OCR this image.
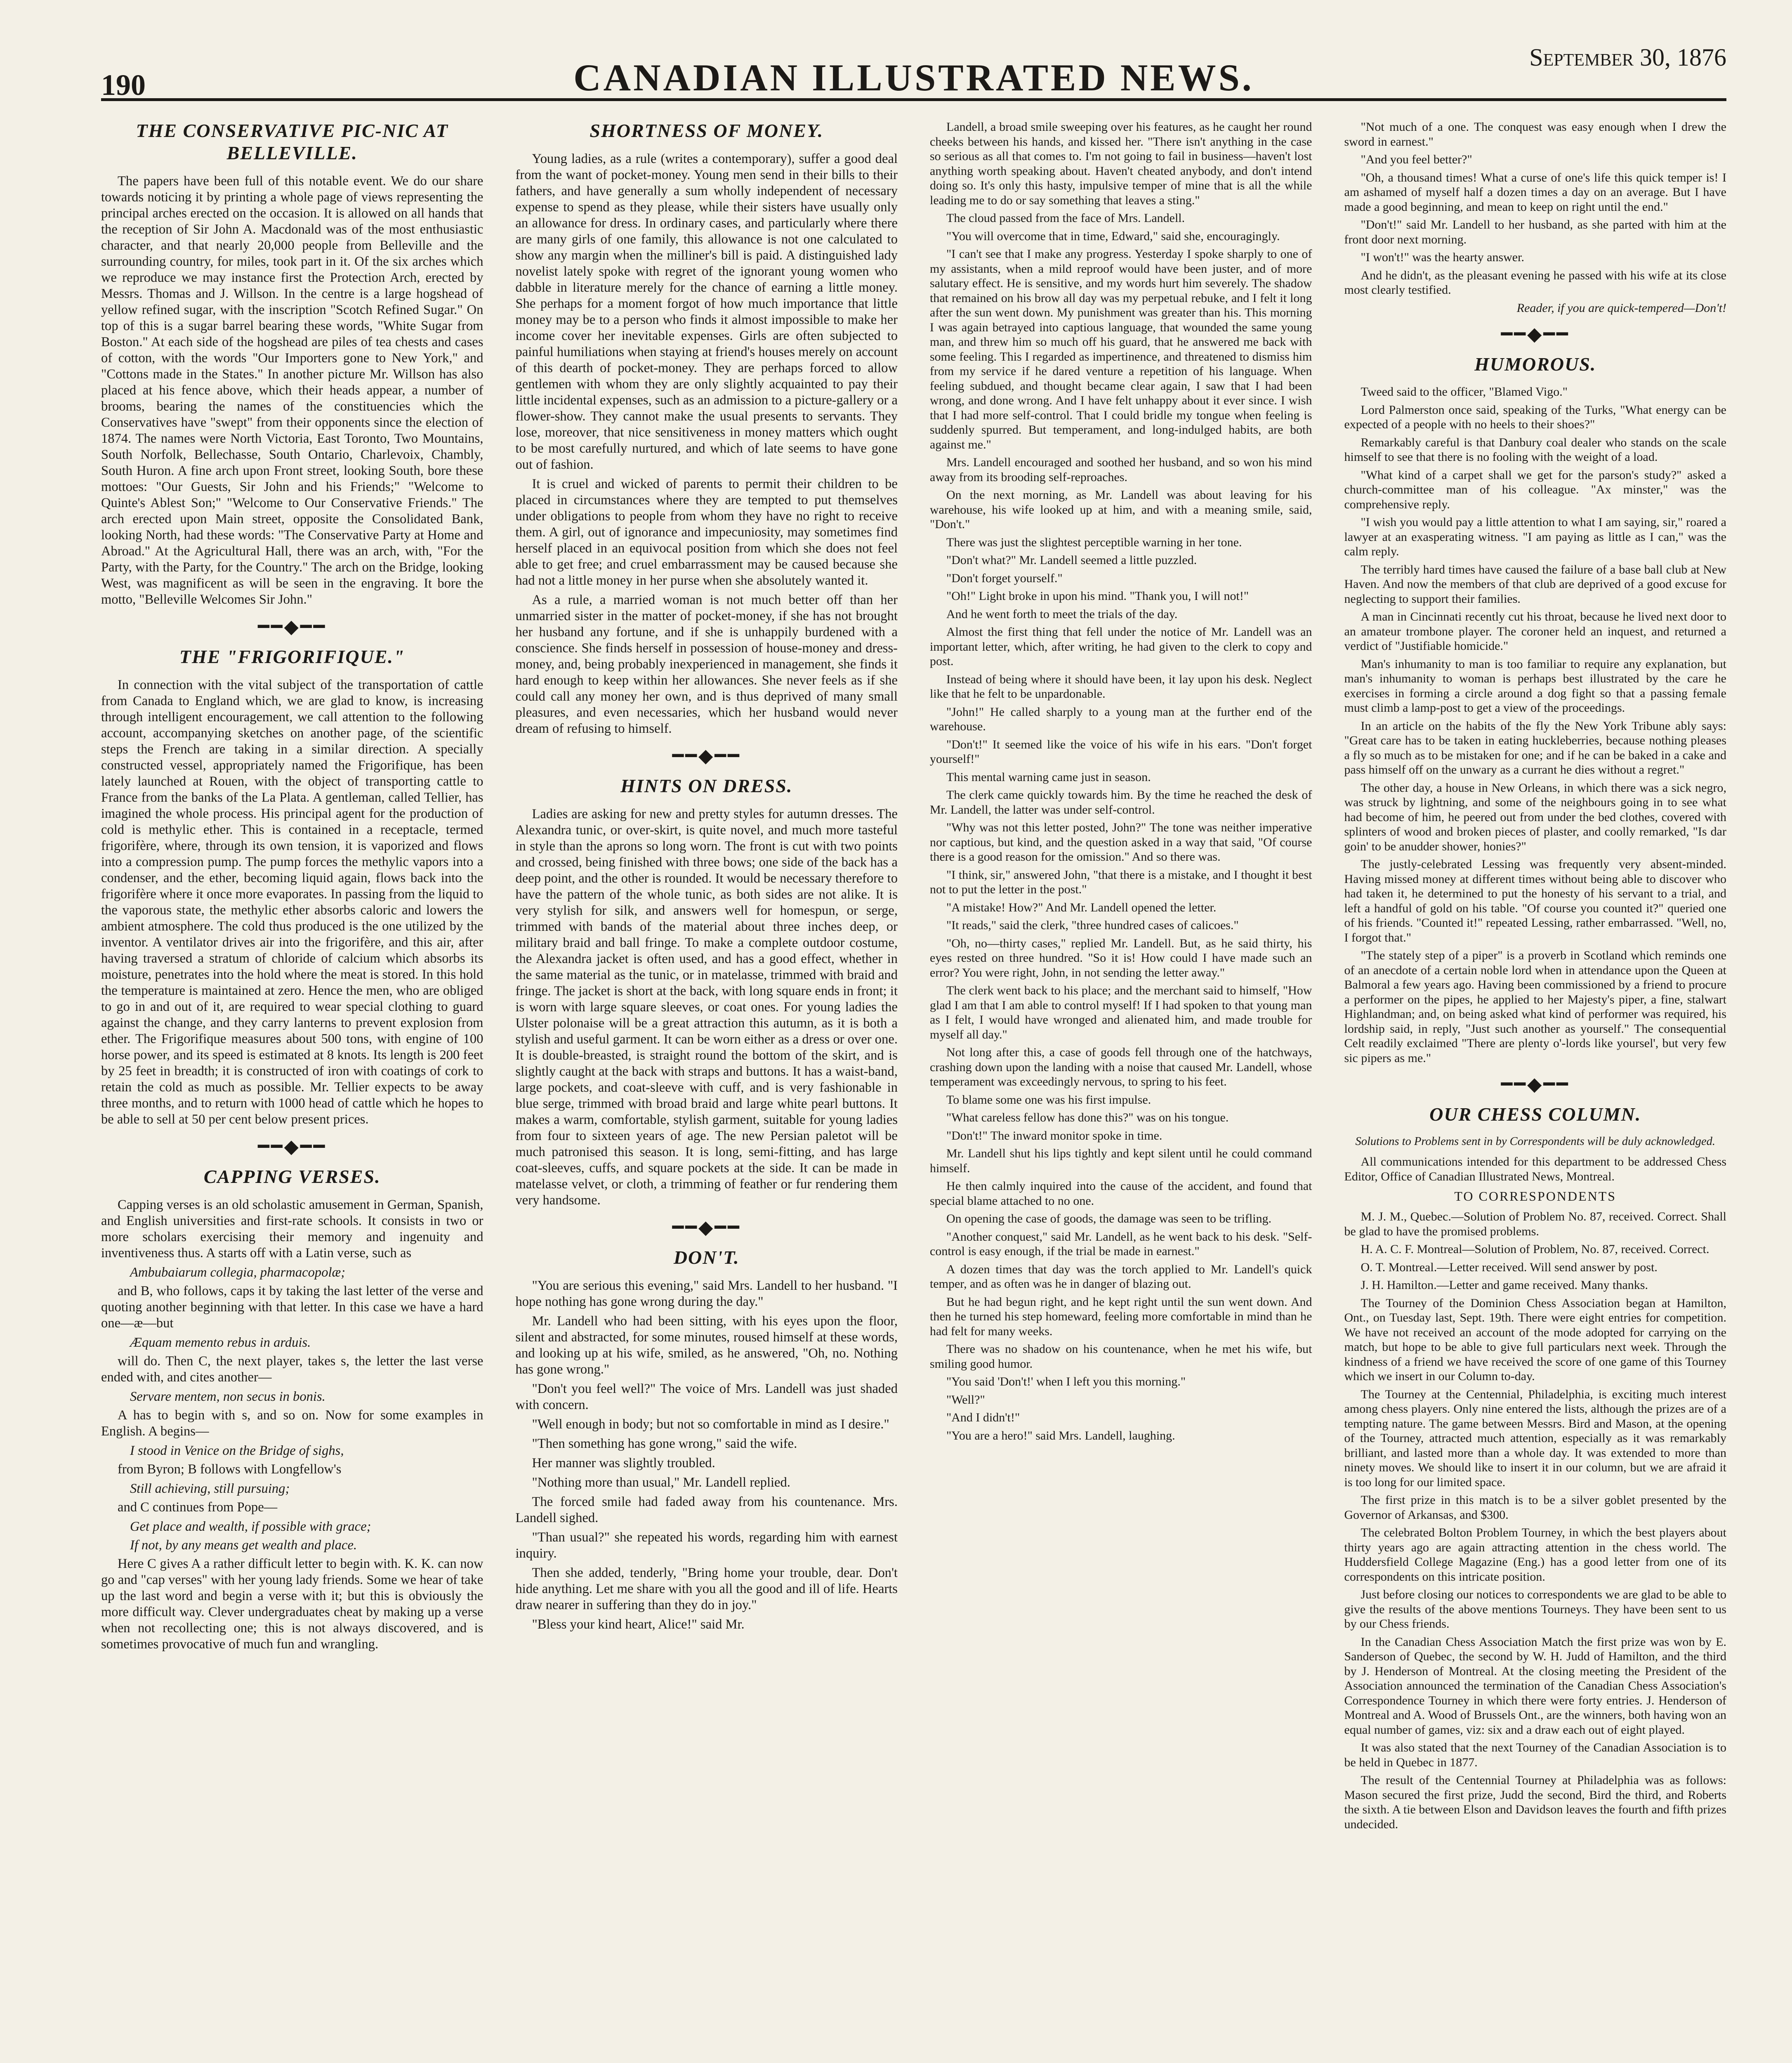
190	CANADIAN ILLUSTRATED NEWS.	September 30, 1876
THE CONSERVATIVE PIC-NIC AT BELLEVILLE.

The papers have been full of this notable event. We do our share towards noticing it by printing a whole page of views representing the principal arches erected on the occasion. It is allowed on all hands that the reception of Sir John A. Macdonald was of the most enthusiastic character, and that nearly 20,000 people from Belleville and the surrounding country, for miles, took part in it. Of the six arches which we reproduce we may instance first the Protection Arch, erected by Messrs. Thomas and J. Willson. In the centre is a large hogshead of yellow refined sugar, with the inscription "Scotch Refined Sugar." On top of this is a sugar barrel bearing these words, "White Sugar from Boston." At each side of the hogshead are piles of tea chests and cases of cotton, with the words "Our Importers gone to New York," and "Cottons made in the States." In another picture Mr. Willson has also placed at his fence above, which their heads appear, a number of brooms, bearing the names of the constituencies which the Conservatives have "swept" from their opponents since the election of 1874. The names were North Victoria, East Toronto, Two Mountains, South Norfolk, Bellechasse, South Ontario, Charlevoix, Chambly, South Huron. A fine arch upon Front street, looking South, bore these mottoes: "Our Guests, Sir John and his Friends;" "Welcome to Quinte's Ablest Son;" "Welcome to Our Conservative Friends." The arch erected upon Main street, opposite the Consolidated Bank, looking North, had these words: "The Conservative Party at Home and Abroad." At the Agricultural Hall, there was an arch, with, "For the Party, with the Party, for the Country." The arch on the Bridge, looking West, was magnificent as will be seen in the engraving. It bore the motto, "Belleville Welcomes Sir John."

━━◆━━
THE "FRIGORIFIQUE."

In connection with the vital subject of the transportation of cattle from Canada to England which, we are glad to know, is increasing through intelligent encouragement, we call attention to the following account, accompanying sketches on another page, of the scientific steps the French are taking in a similar direction. A specially constructed vessel, appropriately named the Frigorifique, has been lately launched at Rouen, with the object of transporting cattle to France from the banks of the La Plata. A gentleman, called Tellier, has imagined the whole process. His principal agent for the production of cold is methylic ether. This is contained in a receptacle, termed frigorifère, where, through its own tension, it is vaporized and flows into a compression pump. The pump forces the methylic vapors into a condenser, and the ether, becoming liquid again, flows back into the frigorifère where it once more evaporates. In passing from the liquid to the vaporous state, the methylic ether absorbs caloric and lowers the ambient atmosphere. The cold thus produced is the one utilized by the inventor. A ventilator drives air into the frigorifère, and this air, after having traversed a stratum of chloride of calcium which absorbs its moisture, penetrates into the hold where the meat is stored. In this hold the temperature is maintained at zero. Hence the men, who are obliged to go in and out of it, are required to wear special clothing to guard against the change, and they carry lanterns to prevent explosion from ether. The Frigorifique measures about 500 tons, with engine of 100 horse power, and its speed is estimated at 8 knots. Its length is 200 feet by 25 feet in breadth; it is constructed of iron with coatings of cork to retain the cold as much as possible. Mr. Tellier expects to be away three months, and to return with 1000 head of cattle which he hopes to be able to sell at 50 per cent below present prices.

━━◆━━
CAPPING VERSES.

Capping verses is an old scholastic amusement in German, Spanish, and English universities and first-rate schools. It consists in two or more scholars exercising their memory and ingenuity and inventiveness thus. A starts off with a Latin verse, such as

Ambubaiarum collegia, pharmacopolæ;

and B, who follows, caps it by taking the last letter of the verse and quoting another beginning with that letter. In this case we have a hard one—æ—but

Æquam memento rebus in arduis.

will do. Then C, the next player, takes s, the letter the last verse ended with, and cites another—

Servare mentem, non secus in bonis.

A has to begin with s, and so on. Now for some examples in English. A begins—

I stood in Venice on the Bridge of sighs,

from Byron; B follows with Longfellow's

Still achieving, still pursuing;

and C continues from Pope—

Get place and wealth, if possible with grace;
If not, by any means get wealth and place.

Here C gives A a rather difficult letter to begin with. K. K. can now go and "cap verses" with her young lady friends. Some we hear of take up the last word and begin a verse with it; but this is obviously the more difficult way. Clever undergraduates cheat by making up a verse when not recollecting one; this is not always discovered, and is sometimes provocative of much fun and wrangling.

SHORTNESS OF MONEY.

Young ladies, as a rule (writes a contemporary), suffer a good deal from the want of pocket-money. Young men send in their bills to their fathers, and have generally a sum wholly independent of necessary expense to spend as they please, while their sisters have usually only an allowance for dress. In ordinary cases, and particularly where there are many girls of one family, this allowance is not one calculated to show any margin when the milliner's bill is paid. A distinguished lady novelist lately spoke with regret of the ignorant young women who dabble in literature merely for the chance of earning a little money. She perhaps for a moment forgot of how much importance that little money may be to a person who finds it almost impossible to make her income cover her inevitable expenses. Girls are often subjected to painful humiliations when staying at friend's houses merely on account of this dearth of pocket-money. They are perhaps forced to allow gentlemen with whom they are only slightly acquainted to pay their little incidental expenses, such as an admission to a picture-gallery or a flower-show. They cannot make the usual presents to servants. They lose, moreover, that nice sensitiveness in money matters which ought to be most carefully nurtured, and which of late seems to have gone out of fashion.

It is cruel and wicked of parents to permit their children to be placed in circumstances where they are tempted to put themselves under obligations to people from whom they have no right to receive them. A girl, out of ignorance and impecuniosity, may sometimes find herself placed in an equivocal position from which she does not feel able to get free; and cruel embarrassment may be caused because she had not a little money in her purse when she absolutely wanted it.

As a rule, a married woman is not much better off than her unmarried sister in the matter of pocket-money, if she has not brought her husband any fortune, and if she is unhappily burdened with a conscience. She finds herself in possession of house-money and dress-money, and, being probably inexperienced in management, she finds it hard enough to keep within her allowances. She never feels as if she could call any money her own, and is thus deprived of many small pleasures, and even necessaries, which her husband would never dream of refusing to himself.

━━◆━━
HINTS ON DRESS.

Ladies are asking for new and pretty styles for autumn dresses. The Alexandra tunic, or over-skirt, is quite novel, and much more tasteful in style than the aprons so long worn. The front is cut with two points and crossed, being finished with three bows; one side of the back has a deep point, and the other is rounded. It would be necessary therefore to have the pattern of the whole tunic, as both sides are not alike. It is very stylish for silk, and answers well for homespun, or serge, trimmed with bands of the material about three inches deep, or military braid and ball fringe. To make a complete outdoor costume, the Alexandra jacket is often used, and has a good effect, whether in the same material as the tunic, or in matelasse, trimmed with braid and fringe. The jacket is short at the back, with long square ends in front; it is worn with large square sleeves, or coat ones. For young ladies the Ulster polonaise will be a great attraction this autumn, as it is both a stylish and useful garment. It can be worn either as a dress or over one. It is double-breasted, is straight round the bottom of the skirt, and is slightly caught at the back with straps and buttons. It has a waist-band, large pockets, and coat-sleeve with cuff, and is very fashionable in blue serge, trimmed with broad braid and large white pearl buttons. It makes a warm, comfortable, stylish garment, suitable for young ladies from four to sixteen years of age. The new Persian paletot will be much patronised this season. It is long, semi-fitting, and has large coat-sleeves, cuffs, and square pockets at the side. It can be made in matelasse velvet, or cloth, a trimming of feather or fur rendering them very handsome.

━━◆━━
DON'T.

"You are serious this evening," said Mrs. Landell to her husband. "I hope nothing has gone wrong during the day."

Mr. Landell who had been sitting, with his eyes upon the floor, silent and abstracted, for some minutes, roused himself at these words, and looking up at his wife, smiled, as he answered, "Oh, no. Nothing has gone wrong."

"Don't you feel well?" The voice of Mrs. Landell was just shaded with concern.

"Well enough in body; but not so comfortable in mind as I desire."

"Then something has gone wrong," said the wife.

Her manner was slightly troubled.

"Nothing more than usual," Mr. Landell replied.

The forced smile had faded away from his countenance. Mrs. Landell sighed.

"Than usual?" she repeated his words, regarding him with earnest inquiry.

Then she added, tenderly, "Bring home your trouble, dear. Don't hide anything. Let me share with you all the good and ill of life. Hearts draw nearer in suffering than they do in joy."

"Bless your kind heart, Alice!" said Mr.

Landell, a broad smile sweeping over his features, as he caught her round cheeks between his hands, and kissed her. "There isn't anything in the case so serious as all that comes to. I'm not going to fail in business—haven't lost anything worth speaking about. Haven't cheated anybody, and don't intend doing so. It's only this hasty, impulsive temper of mine that is all the while leading me to do or say something that leaves a sting."

The cloud passed from the face of Mrs. Landell.

"You will overcome that in time, Edward," said she, encouragingly.

"I can't see that I make any progress. Yesterday I spoke sharply to one of my assistants, when a mild reproof would have been juster, and of more salutary effect. He is sensitive, and my words hurt him severely. The shadow that remained on his brow all day was my perpetual rebuke, and I felt it long after the sun went down. My punishment was greater than his. This morning I was again betrayed into captious language, that wounded the same young man, and threw him so much off his guard, that he answered me back with some feeling. This I regarded as impertinence, and threatened to dismiss him from my service if he dared venture a repetition of his language. When feeling subdued, and thought became clear again, I saw that I had been wrong, and done wrong. And I have felt unhappy about it ever since. I wish that I had more self-control. That I could bridle my tongue when feeling is suddenly spurred. But temperament, and long-indulged habits, are both against me."

Mrs. Landell encouraged and soothed her husband, and so won his mind away from its brooding self-reproaches.

On the next morning, as Mr. Landell was about leaving for his warehouse, his wife looked up at him, and with a meaning smile, said, "Don't."

There was just the slightest perceptible warning in her tone.

"Don't what?" Mr. Landell seemed a little puzzled.

"Don't forget yourself."

"Oh!" Light broke in upon his mind. "Thank you, I will not!"

And he went forth to meet the trials of the day.

Almost the first thing that fell under the notice of Mr. Landell was an important letter, which, after writing, he had given to the clerk to copy and post.

Instead of being where it should have been, it lay upon his desk. Neglect like that he felt to be unpardonable.

"John!" He called sharply to a young man at the further end of the warehouse.

"Don't!" It seemed like the voice of his wife in his ears. "Don't forget yourself!"

This mental warning came just in season.

The clerk came quickly towards him. By the time he reached the desk of Mr. Landell, the latter was under self-control.

"Why was not this letter posted, John?" The tone was neither imperative nor captious, but kind, and the question asked in a way that said, "Of course there is a good reason for the omission." And so there was.

"I think, sir," answered John, "that there is a mistake, and I thought it best not to put the letter in the post."

"A mistake! How?" And Mr. Landell opened the letter.

"It reads," said the clerk, "three hundred cases of calicoes."

"Oh, no—thirty cases," replied Mr. Landell. But, as he said thirty, his eyes rested on three hundred. "So it is! How could I have made such an error? You were right, John, in not sending the letter away."

The clerk went back to his place; and the merchant said to himself, "How glad I am that I am able to control myself! If I had spoken to that young man as I felt, I would have wronged and alienated him, and made trouble for myself all day."

Not long after this, a case of goods fell through one of the hatchways, crashing down upon the landing with a noise that caused Mr. Landell, whose temperament was exceedingly nervous, to spring to his feet.

To blame some one was his first impulse.

"What careless fellow has done this?" was on his tongue.

"Don't!" The inward monitor spoke in time.

Mr. Landell shut his lips tightly and kept silent until he could command himself.

He then calmly inquired into the cause of the accident, and found that special blame attached to no one.

On opening the case of goods, the damage was seen to be trifling.

"Another conquest," said Mr. Landell, as he went back to his desk. "Self-control is easy enough, if the trial be made in earnest."

A dozen times that day was the torch applied to Mr. Landell's quick temper, and as often was he in danger of blazing out.

But he had begun right, and he kept right until the sun went down. And then he turned his step homeward, feeling more comfortable in mind than he had felt for many weeks.

There was no shadow on his countenance, when he met his wife, but smiling good humor.

"You said 'Don't!' when I left you this morning."

"Well?"

"And I didn't!"

"You are a hero!" said Mrs. Landell, laughing.

"Not much of a one. The conquest was easy enough when I drew the sword in earnest."

"And you feel better?"

"Oh, a thousand times! What a curse of one's life this quick temper is! I am ashamed of myself half a dozen times a day on an average. But I have made a good beginning, and mean to keep on right until the end."

"Don't!" said Mr. Landell to her husband, as she parted with him at the front door next morning.

"I won't!" was the hearty answer.

And he didn't, as the pleasant evening he passed with his wife at its close most clearly testified.

Reader, if you are quick-tempered—Don't!

━━◆━━
HUMOROUS.

Tweed said to the officer, "Blamed Vigo."

Lord Palmerston once said, speaking of the Turks, "What energy can be expected of a people with no heels to their shoes?"

Remarkably careful is that Danbury coal dealer who stands on the scale himself to see that there is no fooling with the weight of a load.

"What kind of a carpet shall we get for the parson's study?" asked a church-committee man of his colleague. "Ax minster," was the comprehensive reply.

"I wish you would pay a little attention to what I am saying, sir," roared a lawyer at an exasperating witness. "I am paying as little as I can," was the calm reply.

The terribly hard times have caused the failure of a base ball club at New Haven. And now the members of that club are deprived of a good excuse for neglecting to support their families.

A man in Cincinnati recently cut his throat, because he lived next door to an amateur trombone player. The coroner held an inquest, and returned a verdict of "Justifiable homicide."

Man's inhumanity to man is too familiar to require any explanation, but man's inhumanity to woman is perhaps best illustrated by the care he exercises in forming a circle around a dog fight so that a passing female must climb a lamp-post to get a view of the proceedings.

In an article on the habits of the fly the New York Tribune ably says: "Great care has to be taken in eating huckleberries, because nothing pleases a fly so much as to be mistaken for one; and if he can be baked in a cake and pass himself off on the unwary as a currant he dies without a regret."

The other day, a house in New Orleans, in which there was a sick negro, was struck by lightning, and some of the neighbours going in to see what had become of him, he peered out from under the bed clothes, covered with splinters of wood and broken pieces of plaster, and coolly remarked, "Is dar goin' to be anudder shower, honies?"

The justly-celebrated Lessing was frequently very absent-minded. Having missed money at different times without being able to discover who had taken it, he determined to put the honesty of his servant to a trial, and left a handful of gold on his table. "Of course you counted it?" queried one of his friends. "Counted it!" repeated Lessing, rather embarrassed. "Well, no, I forgot that."

"The stately step of a piper" is a proverb in Scotland which reminds one of an anecdote of a certain noble lord when in attendance upon the Queen at Balmoral a few years ago. Having been commissioned by a friend to procure a performer on the pipes, he applied to her Majesty's piper, a fine, stalwart Highlandman; and, on being asked what kind of performer was required, his lordship said, in reply, "Just such another as yourself." The consequential Celt readily exclaimed "There are plenty o'-lords like yoursel', but very few sic pipers as me."

━━◆━━
OUR CHESS COLUMN.
Solutions to Problems sent in by Correspondents will be duly acknowledged.

All communications intended for this department to be addressed Chess Editor, Office of Canadian Illustrated News, Montreal.

TO CORRESPONDENTS

M. J. M., Quebec.—Solution of Problem No. 87, received. Correct. Shall be glad to have the promised problems.

H. A. C. F. Montreal—Solution of Problem, No. 87, received. Correct.

O. T. Montreal.—Letter received. Will send answer by post.

J. H. Hamilton.—Letter and game received. Many thanks.

The Tourney of the Dominion Chess Association began at Hamilton, Ont., on Tuesday last, Sept. 19th. There were eight entries for competition. We have not received an account of the mode adopted for carrying on the match, but hope to be able to give full particulars next week. Through the kindness of a friend we have received the score of one game of this Tourney which we insert in our Column to-day.

The Tourney at the Centennial, Philadelphia, is exciting much interest among chess players. Only nine entered the lists, although the prizes are of a tempting nature. The game between Messrs. Bird and Mason, at the opening of the Tourney, attracted much attention, especially as it was remarkably brilliant, and lasted more than a whole day. It was extended to more than ninety moves. We should like to insert it in our column, but we are afraid it is too long for our limited space.

The first prize in this match is to be a silver goblet presented by the Governor of Arkansas, and $300.

The celebrated Bolton Problem Tourney, in which the best players about thirty years ago are again attracting attention in the chess world. The Huddersfield College Magazine (Eng.) has a good letter from one of its correspondents on this intricate position.

Just before closing our notices to correspondents we are glad to be able to give the results of the above mentions Tourneys. They have been sent to us by our Chess friends.

In the Canadian Chess Association Match the first prize was won by E. Sanderson of Quebec, the second by W. H. Judd of Hamilton, and the third by J. Henderson of Montreal. At the closing meeting the President of the Association announced the termination of the Canadian Chess Association's Correspondence Tourney in which there were forty entries. J. Henderson of Montreal and A. Wood of Brussels Ont., are the winners, both having won an equal number of games, viz: six and a draw each out of eight played.

It was also stated that the next Tourney of the Canadian Association is to be held in Quebec in 1877.

The result of the Centennial Tourney at Philadelphia was as follows: Mason secured the first prize, Judd the second, Bird the third, and Roberts the sixth. A tie between Elson and Davidson leaves the fourth and fifth prizes undecided.
